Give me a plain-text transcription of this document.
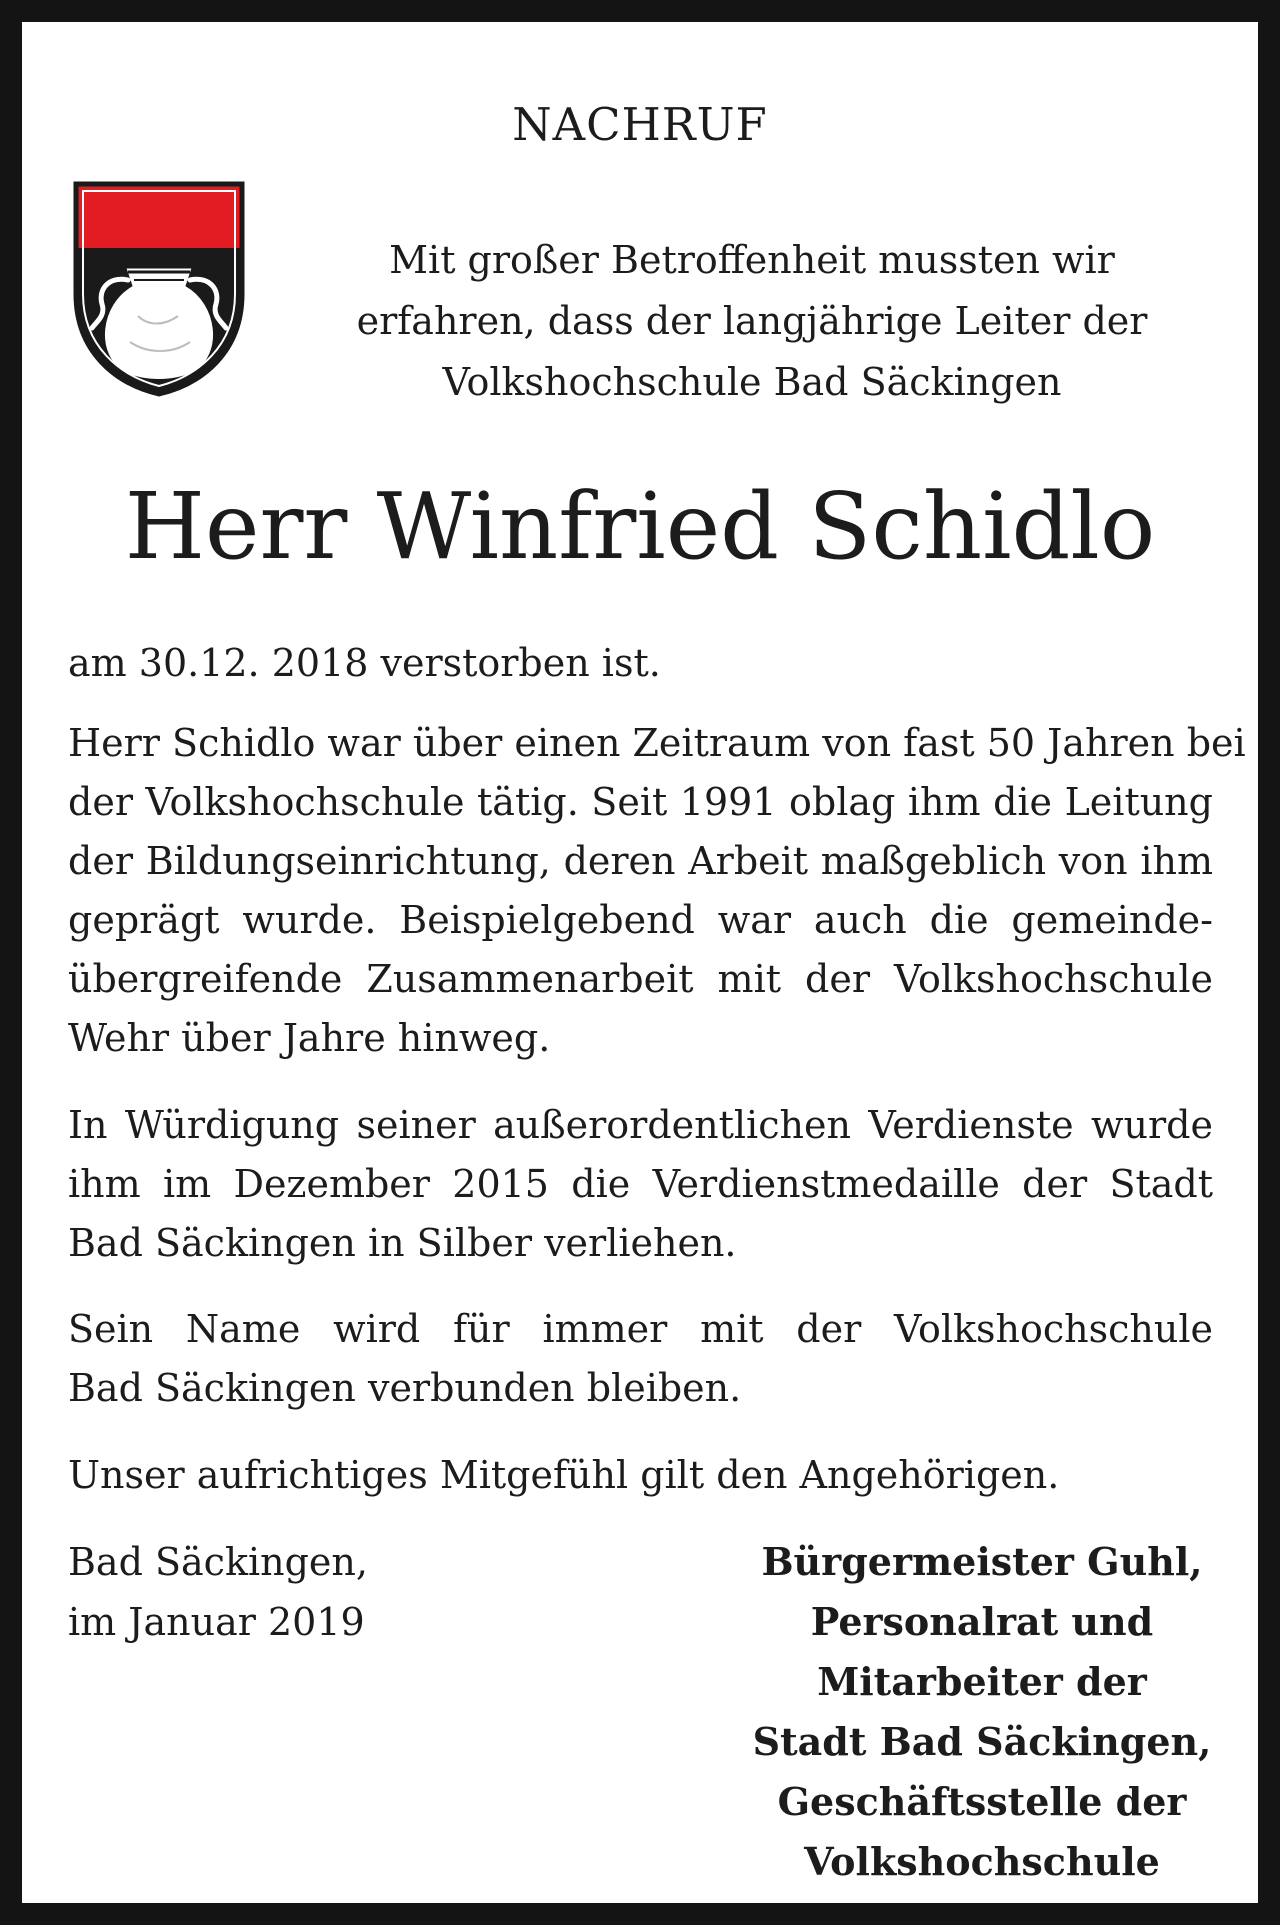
NACHRUF
Mit großer Betroffenheit mussten wir
erfahren, dass der langjährige Leiter der
Volkshochschule Bad Säckingen
Herr Winfried Schidlo
am 30.12. 2018 verstorben ist.
Herr Schidlo war über einen Zeitraum von fast 50 Jahren bei
der Volkshochschule tätig. Seit 1991 oblag ihm die Leitung
der Bildungseinrichtung, deren Arbeit maßgeblich von ihm
geprägt wurde. Beispielgebend war auch die gemeinde-
übergreifende Zusammenarbeit mit der Volkshochschule
Wehr über Jahre hinweg.
In Würdigung seiner außerordentlichen Verdienste wurde
ihm im Dezember 2015 die Verdienstmedaille der Stadt
Bad Säckingen in Silber verliehen.
Sein Name wird für immer mit der Volkshochschule
Bad Säckingen verbunden bleiben.
Unser aufrichtiges Mitgefühl gilt den Angehörigen.
Bad Säckingen,
im Januar 2019
Bürgermeister Guhl,
Personalrat und
Mitarbeiter der
Stadt Bad Säckingen,
Geschäftsstelle der
Volkshochschule
